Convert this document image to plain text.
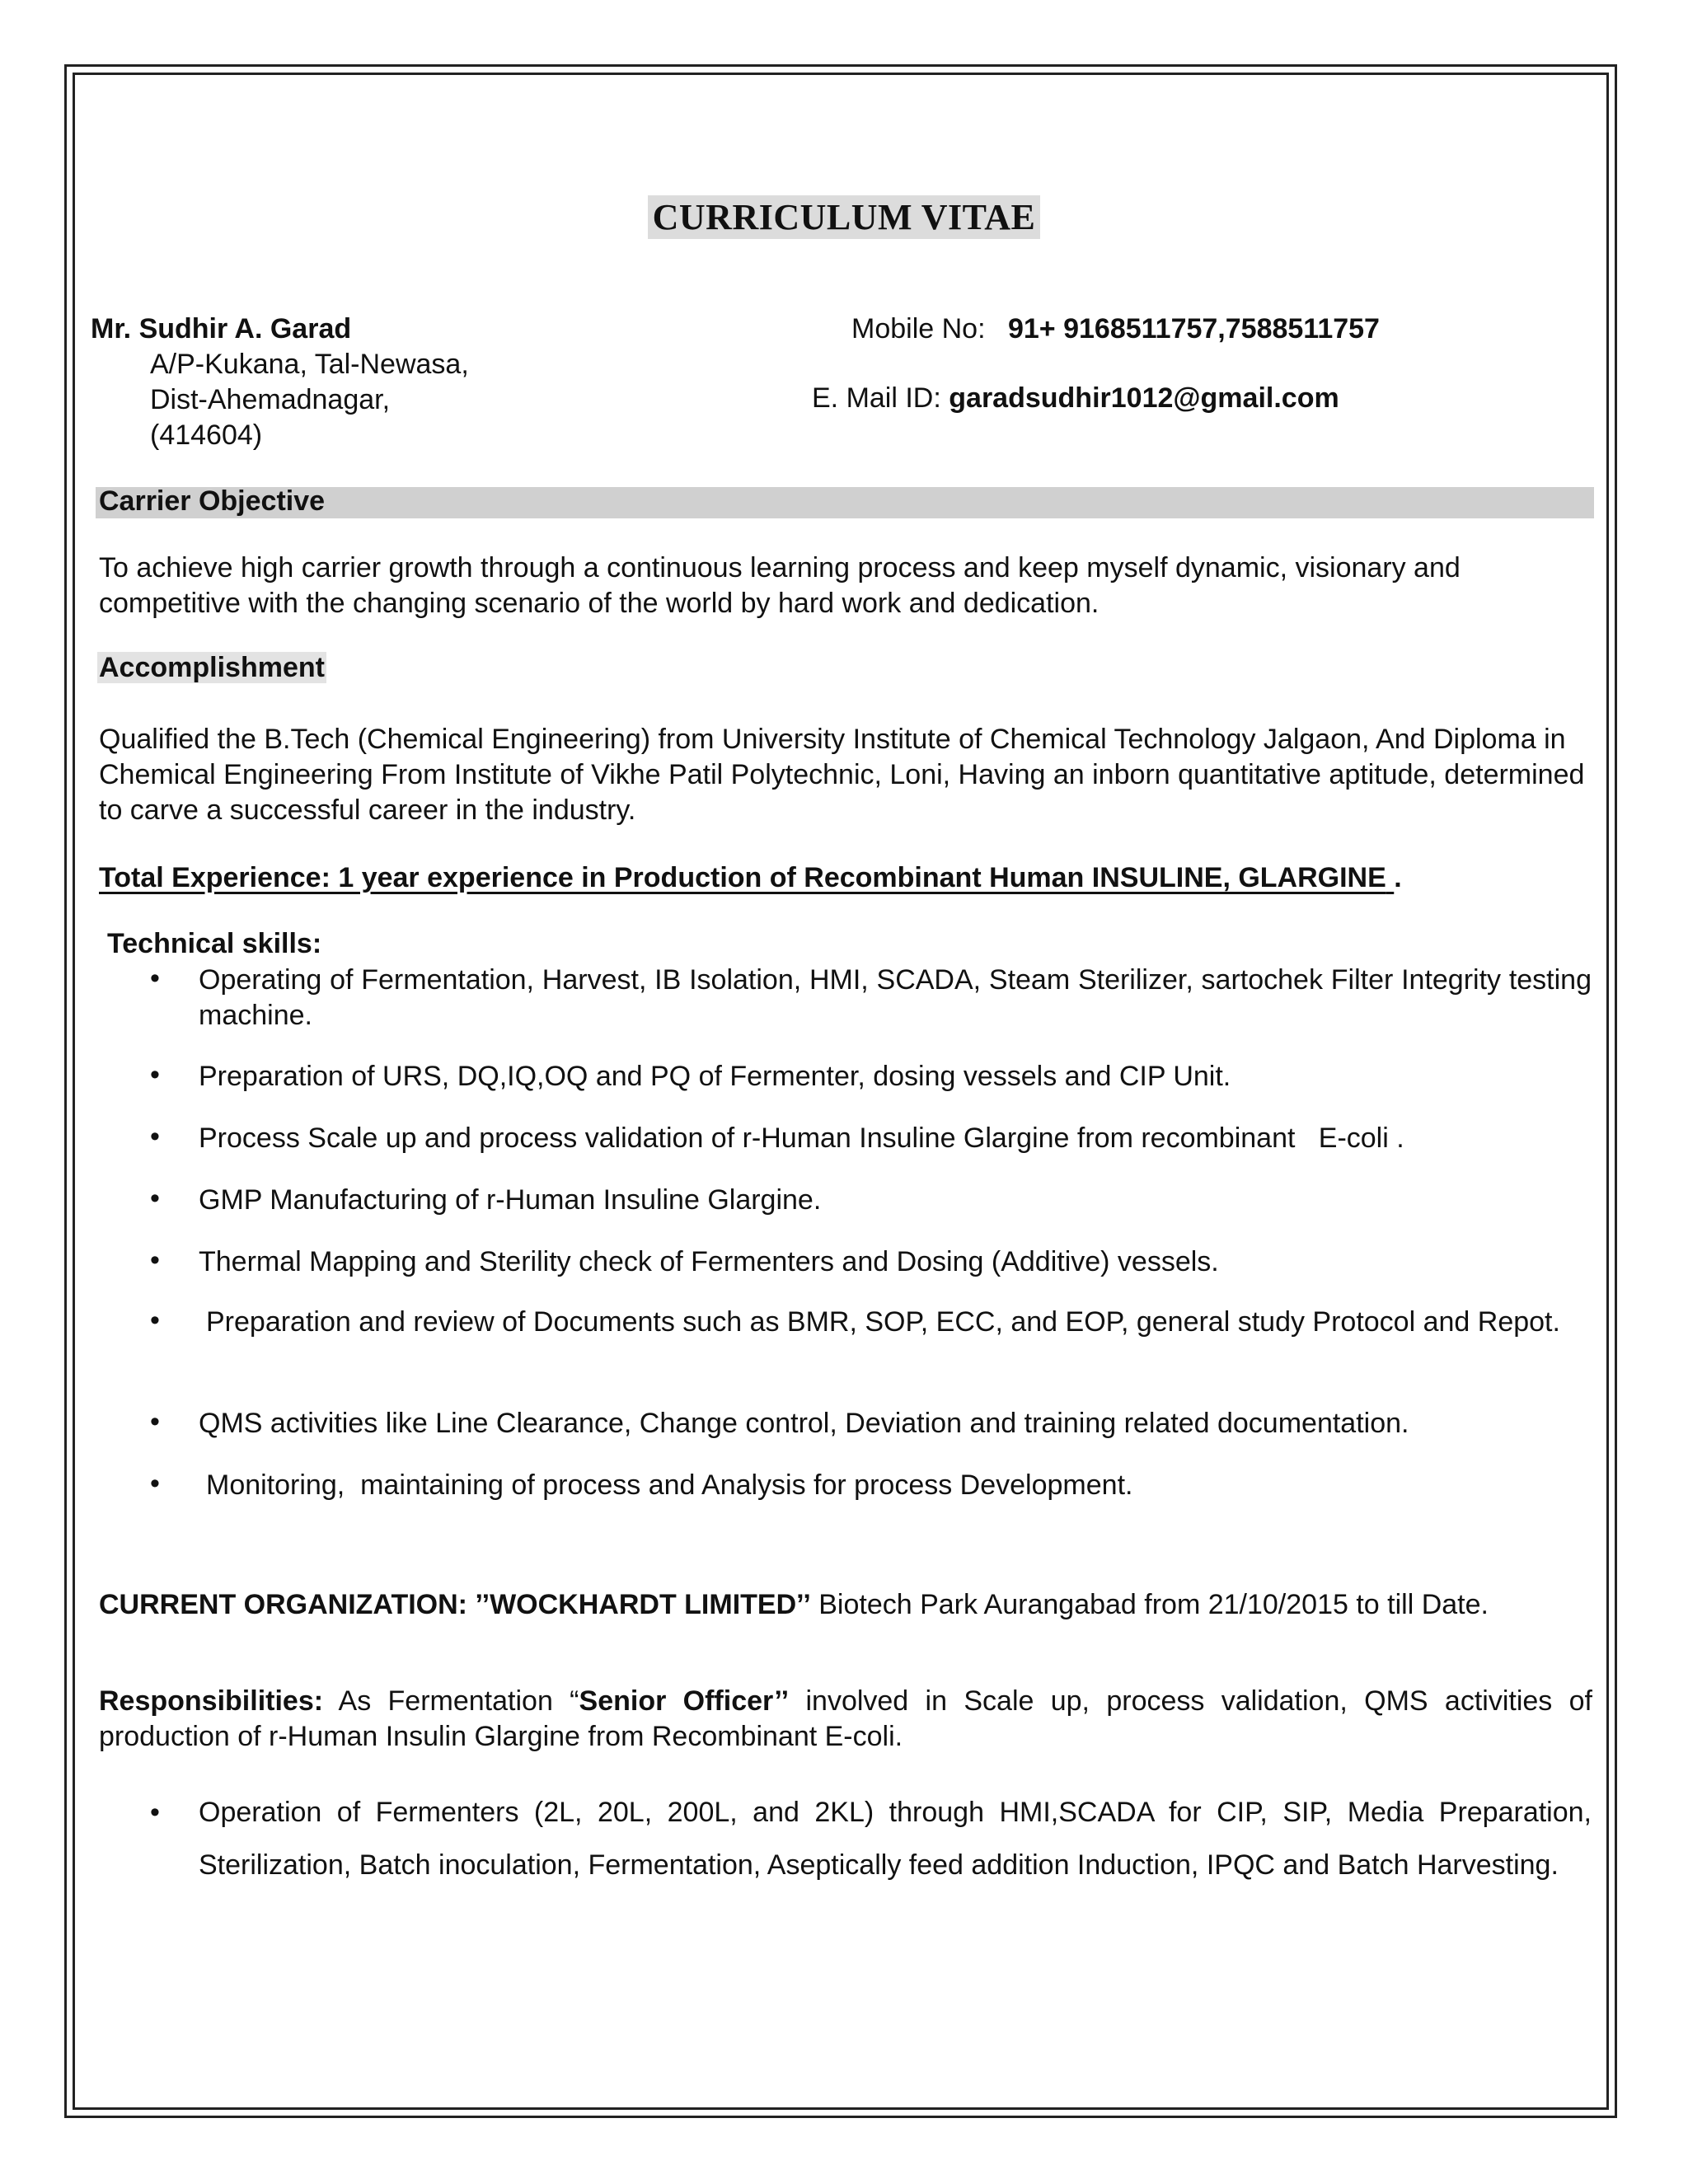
CURRICULUM VITAE
Mr. Sudhir A. Garad
A/P-Kukana, Tal-Newasa,
Dist-Ahemadnagar,
(414604)
Mobile No: 91+ 9168511757,7588511757
E. Mail ID: garadsudhir1012@gmail.com
Carrier Objective
To achieve high carrier growth through a continuous learning process and keep myself dynamic, visionary and competitive with the changing scenario of the world by hard work and dedication.
Accomplishment
Qualified the B.Tech (Chemical Engineering) from University Institute of Chemical Technology Jalgaon, And Diploma in Chemical Engineering From Institute of Vikhe Patil Polytechnic, Loni, Having an inborn quantitative aptitude, determined to carve a successful career in the industry.
Total Experience: 1 year experience in Production of Recombinant Human INSULINE, GLARGINE .
Technical skills:
• Operating of Fermentation, Harvest, IB Isolation, HMI, SCADA, Steam Sterilizer, sartochek Filter Integrity testing machine.
• Preparation of URS, DQ,IQ,OQ and PQ of Fermenter, dosing vessels and CIP Unit.
• Process Scale up and process validation of r-Human Insuline Glargine from recombinant   E-coli .
• GMP Manufacturing of r-Human Insuline Glargine.
• Thermal Mapping and Sterility check of Fermenters and Dosing (Additive) vessels.
• Preparation and review of Documents such as BMR, SOP, ECC, and EOP, general study Protocol and Repot.
• QMS activities like Line Clearance, Change control, Deviation and training related documentation.
• Monitoring,  maintaining of process and Analysis for process Development.
CURRENT ORGANIZATION: ’’WOCKHARDT LIMITED’’ Biotech Park Aurangabad from 21/10/2015 to till Date.
Responsibilities: As Fermentation “Senior Officer’’ involved in Scale up, process validation, QMS activities of production of r-Human Insulin Glargine from Recombinant E-coli.
• Operation of Fermenters (2L, 20L, 200L, and 2KL) through HMI,SCADA for CIP, SIP, Media Preparation, Sterilization, Batch inoculation, Fermentation, Aseptically feed addition Induction, IPQC and Batch Harvesting.
